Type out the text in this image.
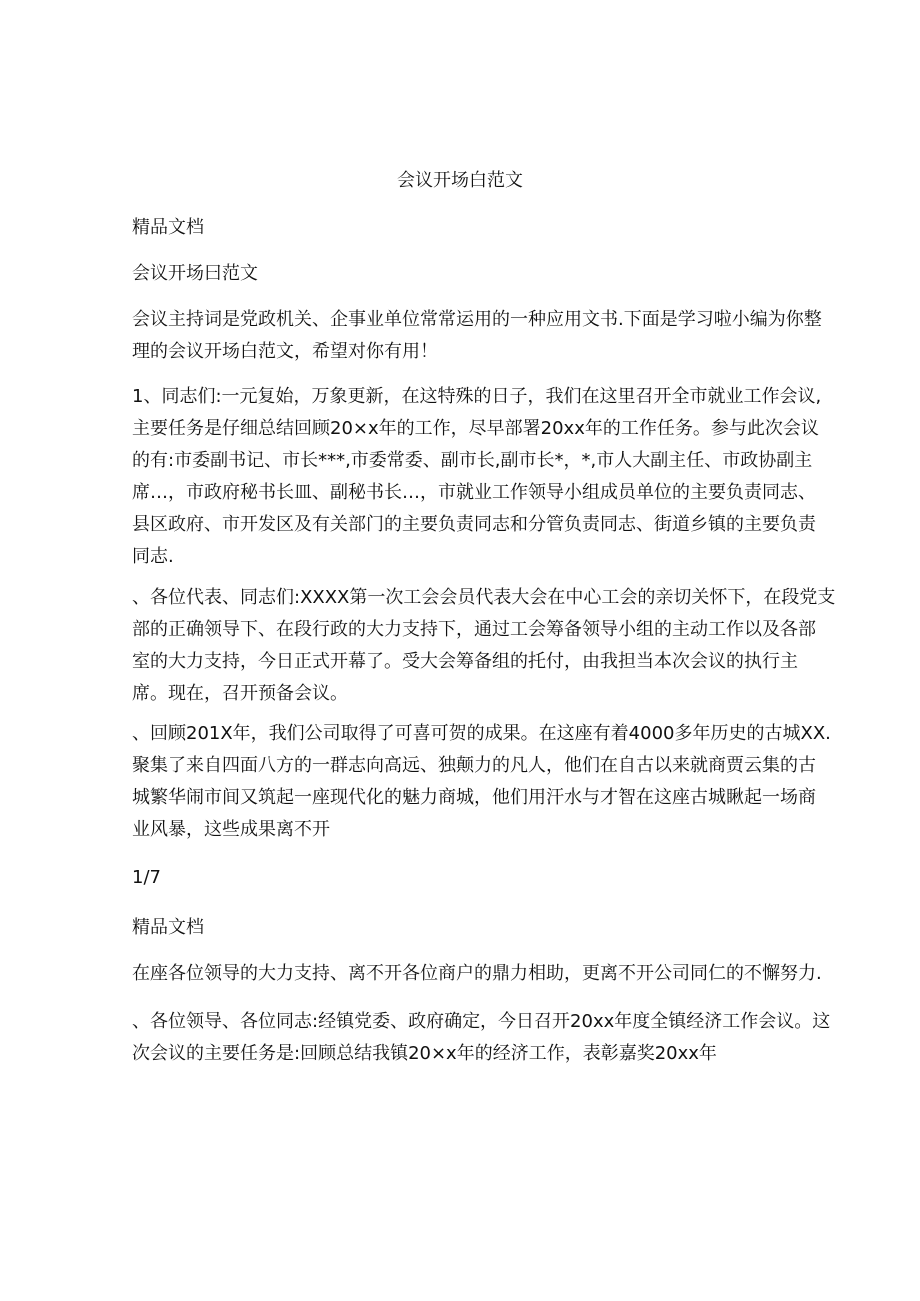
会议开场白范文
精品文档
会议开场曰范文
会议主持词是党政机关、企事业单位常常运用的一种应用文书.下面是学习啦小编为你整
理的会议开场白范文，希望对你有用！
1、同志们:一元复始，万象更新，在这特殊的日子，我们在这里召开全市就业工作会议,
主要任务是仔细总结回顾20×x年的工作，尽早部署20xx年的工作任务。参与此次会议
的有:市委副书记、市长***,市委常委、副市长,副市长*，*,市人大副主任、市政协副主
席…，市政府秘书长皿、副秘书长…，市就业工作领导小组成员单位的主要负责同志、
县区政府、市开发区及有关部门的主要负责同志和分管负责同志、街道乡镇的主要负责
同志.
、各位代表、同志们:XXXX第一次工会会员代表大会在中心工会的亲切关怀下，在段党支
部的正确领导下、在段行政的大力支持下，通过工会筹备领导小组的主动工作以及各部
室的大力支持，今日正式开幕了。受大会筹备组的托付，由我担当本次会议的执行主
席。现在，召开预备会议。
、回顾201X年，我们公司取得了可喜可贺的成果。在这座有着4000多年历史的古城XX.
聚集了来自四面八方的一群志向高远、独颠力的凡人，他们在自古以来就商贾云集的古
城繁华闹市间又筑起一座现代化的魅力商城，他们用汗水与才智在这座古城瞅起一场商
业风暴，这些成果离不开
1/7
精品文档
在座各位领导的大力支持、离不开各位商户的鼎力相助，更离不开公司同仁的不懈努力.
、各位领导、各位同志:经镇党委、政府确定，今日召开20xx年度全镇经济工作会议。这
次会议的主要任务是:回顾总结我镇20×x年的经济工作，表彰嘉奖20xx年
